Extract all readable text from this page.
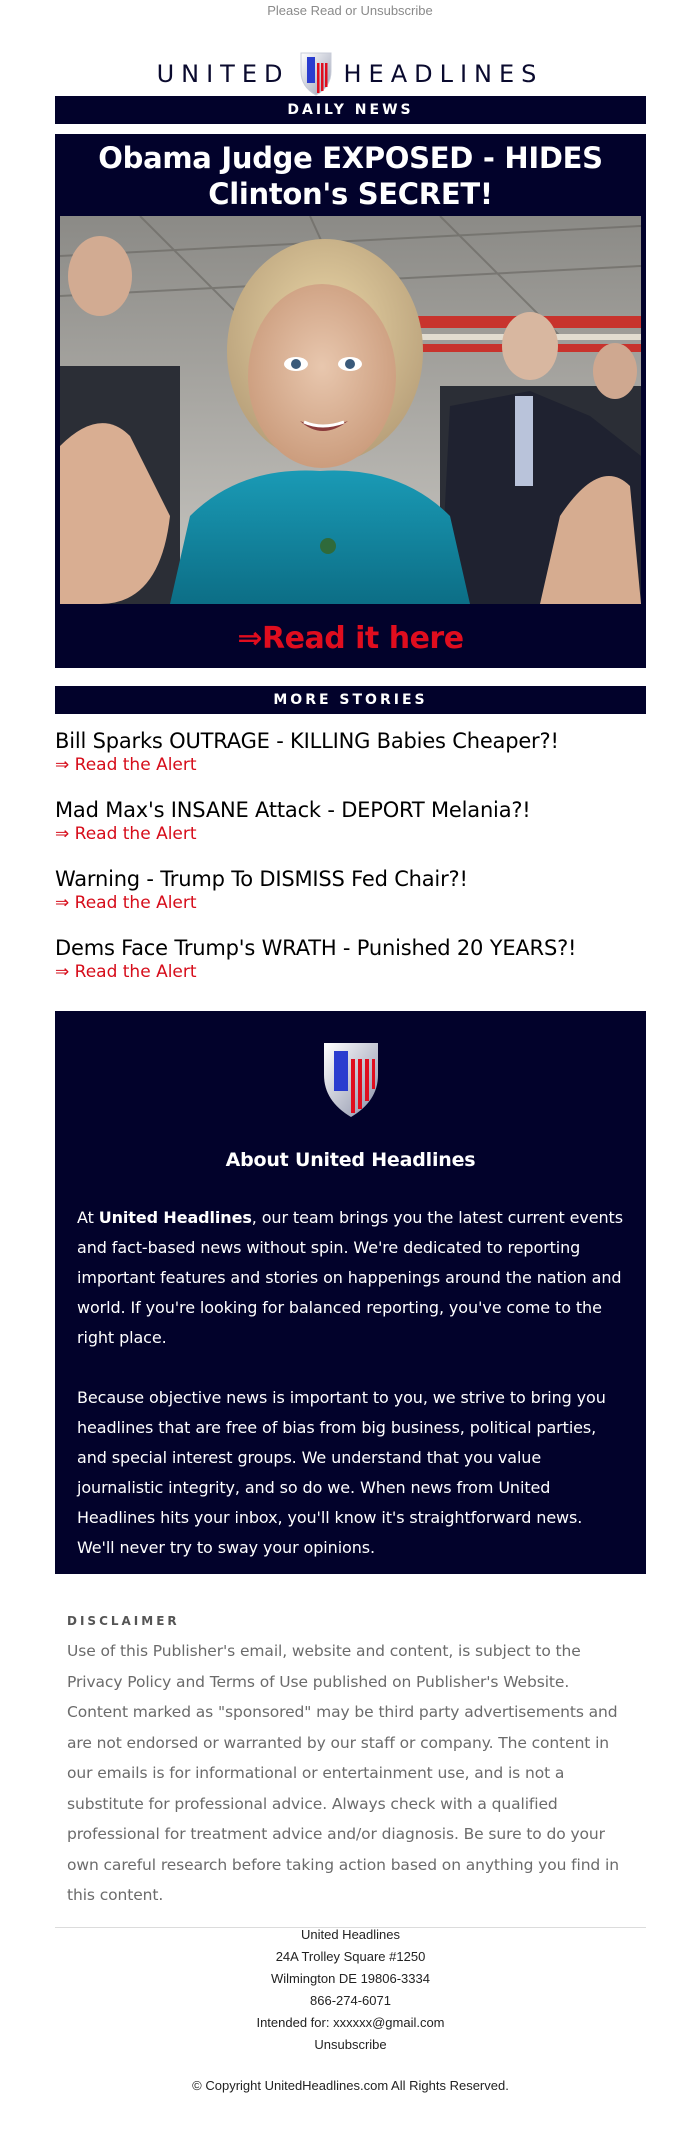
Please Read or Unsubscribe
UNITED HEADLINES
DAILY NEWS
Obama Judge EXPOSED - HIDES Clinton's SECRET!
⇒Read it here
MORE STORIES
Bill Sparks OUTRAGE - KILLING Babies Cheaper?!
⇒ Read the Alert
Mad Max's INSANE Attack - DEPORT Melania?!
⇒ Read the Alert
Warning - Trump To DISMISS Fed Chair?!
⇒ Read the Alert
Dems Face Trump's WRATH - Punished 20 YEARS?!
⇒ Read the Alert
About United Headlines

At United Headlines, our team brings you the latest current events and fact-based news without spin. We're dedicated to reporting important features and stories on happenings around the nation and world. If you're looking for balanced reporting, you've come to the right place.

Because objective news is important to you, we strive to bring you headlines that are free of bias from big business, political parties, and special interest groups. We understand that you value journalistic integrity, and so do we. When news from United Headlines hits your inbox, you'll know it's straightforward news. We'll never try to sway your opinions.

DISCLAIMER
Use of this Publisher's email, website and content, is subject to the Privacy Policy and Terms of Use published on Publisher's Website. Content marked as "sponsored" may be third party advertisements and are not endorsed or warranted by our staff or company. The content in our emails is for informational or entertainment use, and is not a substitute for professional advice. Always check with a qualified professional for treatment advice and/or diagnosis. Be sure to do your own careful research before taking action based on anything you find in this content.
United Headlines
24A Trolley Square #1250
Wilmington DE 19806-3334
866-274-6071
Intended for: xxxxxx@gmail.com
Unsubscribe
© Copyright UnitedHeadlines.com All Rights Reserved.
